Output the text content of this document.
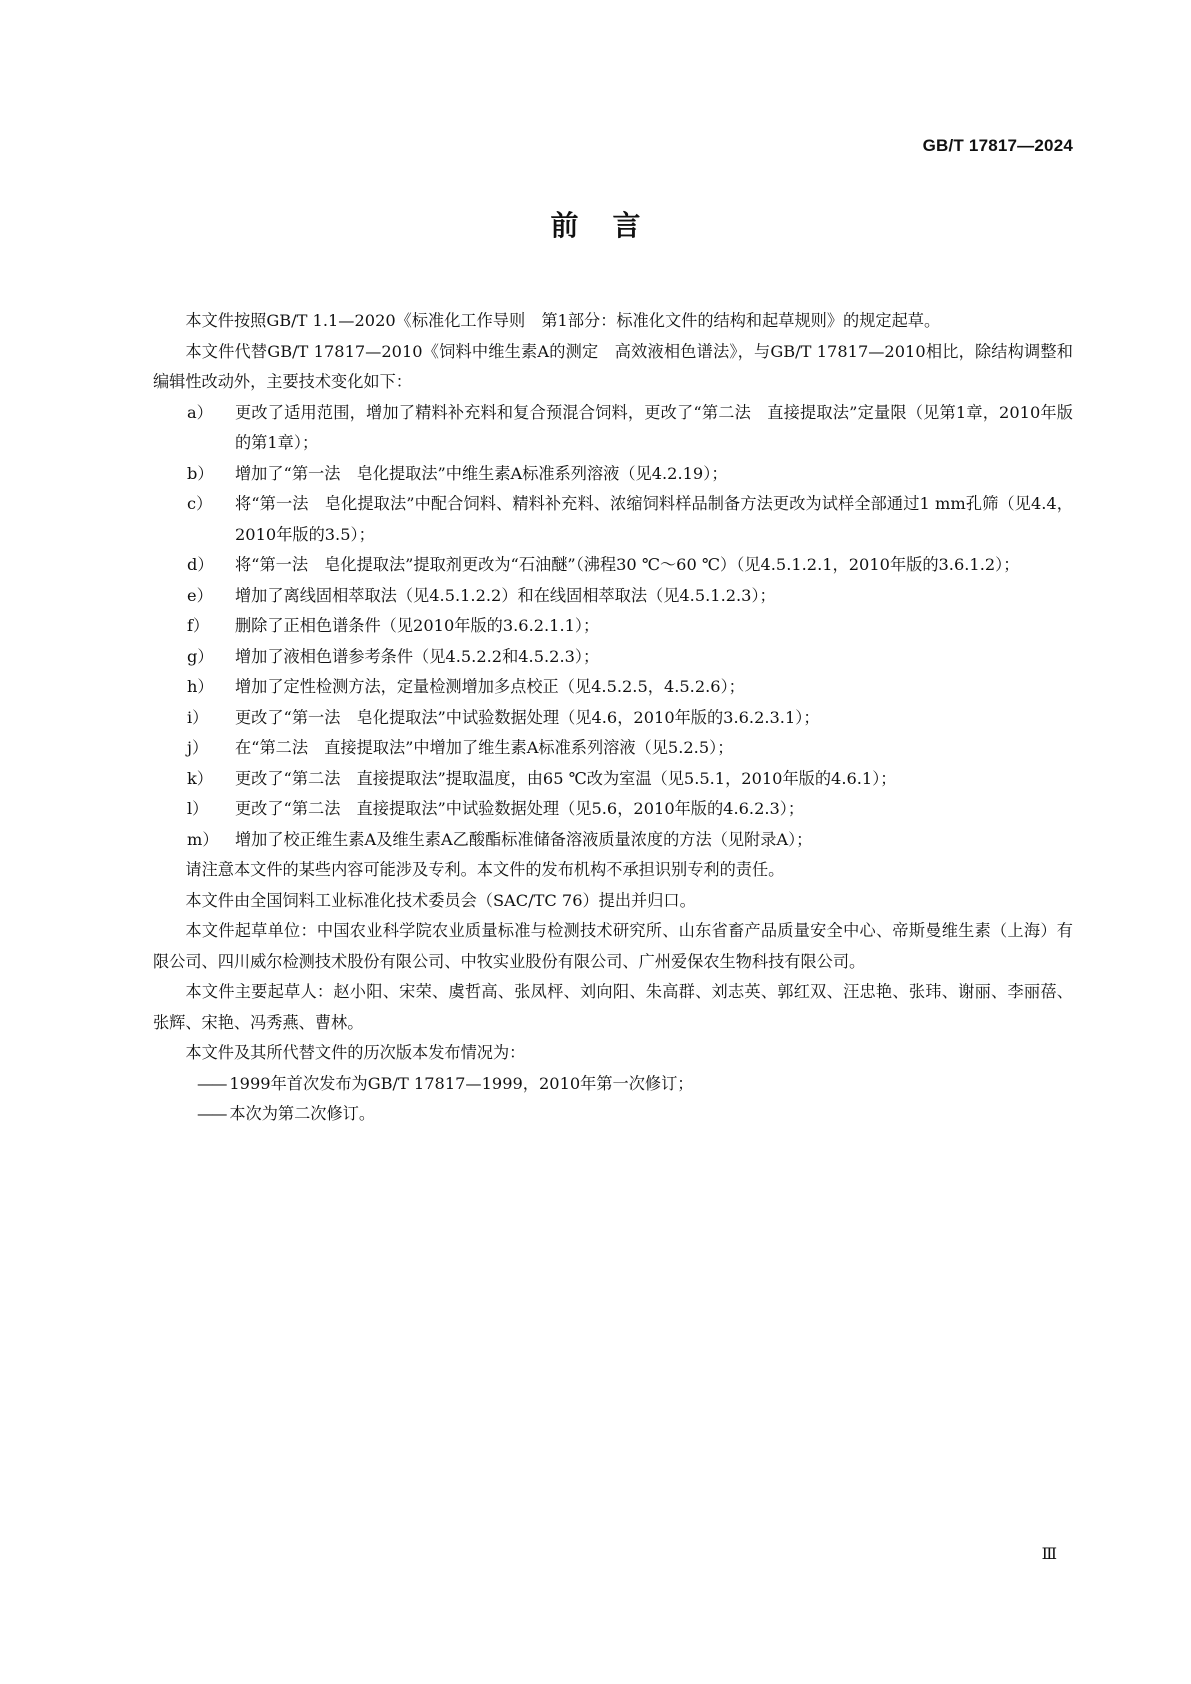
GB/T 17817—2024
前言

本文件按照GB/T 1.1—2020《标准化工作导则　第1部分：标准化文件的结构和起草规则》的规定起草。

本文件代替GB/T 17817—2010《饲料中维生素A的测定　高效液相色谱法》，与GB/T 17817—2010相比，除结构调整和编辑性改动外，主要技术变化如下：

a）	更改了适用范围，增加了精料补充料和复合预混合饲料，更改了“第二法　直接提取法”定量限（见第1章，2010年版的第1章）；
b）	增加了“第一法　皂化提取法”中维生素A标准系列溶液（见4.2.19）；
c）	将“第一法　皂化提取法”中配合饲料、精料补充料、浓缩饲料样品制备方法更改为试样全部通过1 mm孔筛（见4.4，2010年版的3.5）；
d）	将“第一法　皂化提取法”提取剂更改为“石油醚”（沸程30 ℃～60 ℃）（见4.5.1.2.1，2010年版的3.6.1.2）；
e）	增加了离线固相萃取法（见4.5.1.2.2）和在线固相萃取法（见4.5.1.2.3）；
f）	删除了正相色谱条件（见2010年版的3.6.2.1.1）；
g）	增加了液相色谱参考条件（见4.5.2.2和4.5.2.3）；
h）	增加了定性检测方法，定量检测增加多点校正（见4.5.2.5，4.5.2.6）；
i）	更改了“第一法　皂化提取法”中试验数据处理（见4.6，2010年版的3.6.2.3.1）；
j）	在“第二法　直接提取法”中增加了维生素A标准系列溶液（见5.2.5）；
k）	更改了“第二法　直接提取法”提取温度，由65 ℃改为室温（见5.5.1，2010年版的4.6.1）；
l）	更改了“第二法　直接提取法”中试验数据处理（见5.6，2010年版的4.6.2.3）；
m）	增加了校正维生素A及维生素A乙酸酯标准储备溶液质量浓度的方法（见附录A）；

请注意本文件的某些内容可能涉及专利。本文件的发布机构不承担识别专利的责任。

本文件由全国饲料工业标准化技术委员会（SAC/TC 76）提出并归口。

本文件起草单位：中国农业科学院农业质量标准与检测技术研究所、山东省畜产品质量安全中心、帝斯曼维生素（上海）有限公司、四川威尔检测技术股份有限公司、中牧实业股份有限公司、广州爱保农生物科技有限公司。

本文件主要起草人：赵小阳、宋荣、虞哲高、张凤枰、刘向阳、朱高群、刘志英、郭红双、汪忠艳、张玮、谢丽、李丽蓓、张辉、宋艳、冯秀燕、曹林。

本文件及其所代替文件的历次版本发布情况为：

—— 1999年首次发布为GB/T 17817—1999，2010年第一次修订；
—— 本次为第二次修订。
Ⅲ
